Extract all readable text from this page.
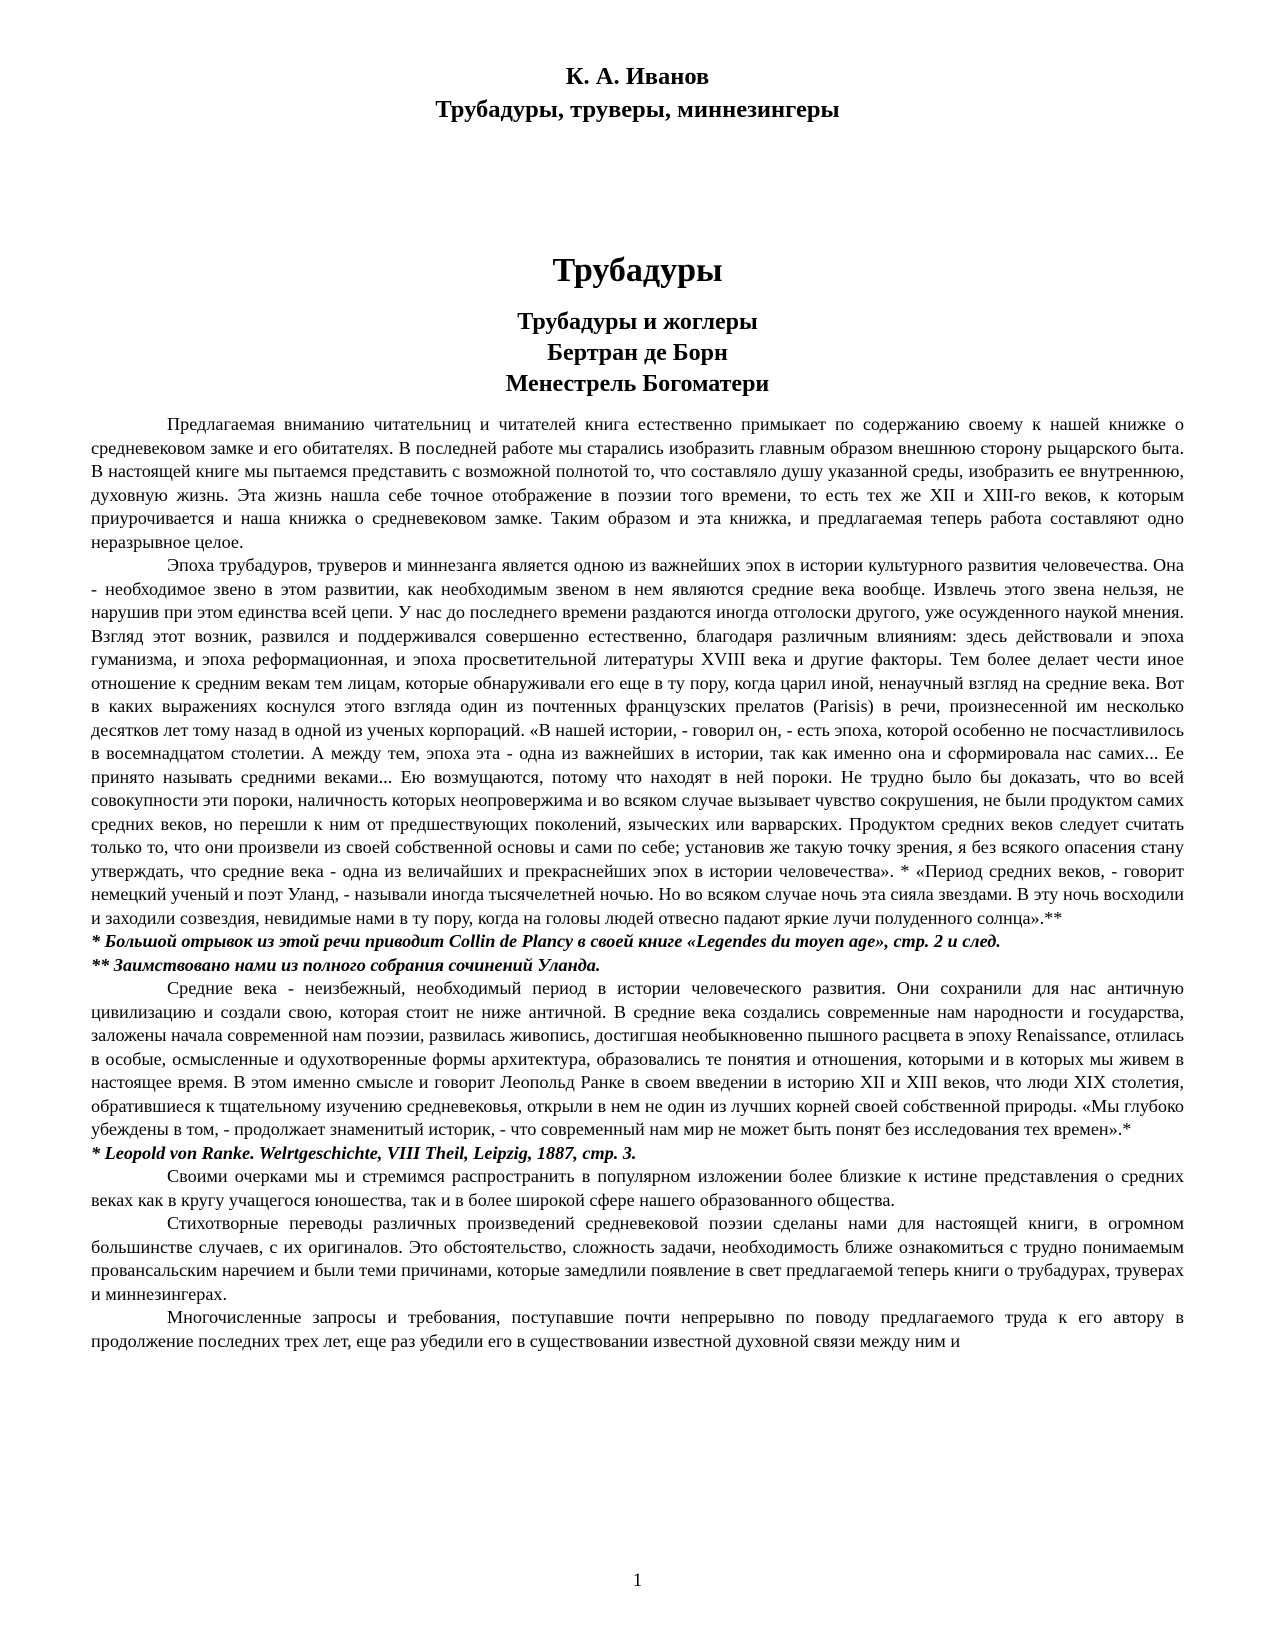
К. А. Иванов
Трубадуры, труверы, миннезингеры
Трубадуры
Трубадуры и жоглеры
Бертран де Борн
Менестрель Богоматери

Предлагаемая вниманию читательниц и читателей книга естественно примыкает по содержанию своему к нашей книжке о средневековом замке и его обитателях. В последней работе мы старались изобразить главным образом внешнюю сторону рыцарского быта. В настоящей книге мы пытаемся представить с возможной полнотой то, что составляло душу указанной среды, изобразить ее внутреннюю, духовную жизнь. Эта жизнь нашла себе точное отображение в поэзии того времени, то есть тех же XII и XIII-го веков, к которым приурочивается и наша книжка о средневековом замке. Таким образом и эта книжка, и предлагаемая теперь работа составляют одно неразрывное целое.

Эпоха трубадуров, труверов и миннезанга является одною из важнейших эпох в истории культурного развития человечества. Она - необходимое звено в этом развитии, как необходимым звеном в нем являются средние века вообще. Извлечь этого звена нельзя, не нарушив при этом единства всей цепи. У нас до последнего времени раздаются иногда отголоски другого, уже осужденного наукой мнения. Взгляд этот возник, развился и поддерживался совершенно естественно, благодаря различным влияниям: здесь действовали и эпоха гуманизма, и эпоха реформационная, и эпоха просветительной литературы XVIII века и другие факторы. Тем более делает чести иное отношение к средним векам тем лицам, которые обнаруживали его еще в ту пору, когда царил иной, ненаучный взгляд на средние века. Вот в каких выражениях коснулся этого взгляда один из почтенных французских прелатов (Parisis) в речи, произнесенной им несколько десятков лет тому назад в одной из ученых корпораций. «В нашей истории, - говорил он, - есть эпоха, которой особенно не посчастливилось в восемнадцатом столетии. А между тем, эпоха эта - одна из важнейших в истории, так как именно она и сформировала нас самих... Ее принято называть средними веками... Ею возмущаются, потому что находят в ней пороки. Не трудно было бы доказать, что во всей совокупности эти пороки, наличность которых неопровержима и во всяком случае вызывает чувство сокрушения, не были продуктом самих средних веков, но перешли к ним от предшествующих поколений, языческих или варварских. Продуктом средних веков следует считать только то, что они произвели из своей собственной основы и сами по себе; установив же такую точку зрения, я без всякого опасения стану утверждать, что средние века - одна из величайших и прекраснейших эпох в истории человечества». * «Период средних веков, - говорит немецкий ученый и поэт Уланд, - называли иногда тысячелетней ночью. Но во всяком случае ночь эта сияла звездами. В эту ночь восходили и заходили созвездия, невидимые нами в ту пору, когда на головы людей отвесно падают яркие лучи полуденного солнца».**

* Большой отрывок из этой речи приводит Collin de Plancy в своей книге «Legendes du moyen age», стр. 2 и след.

** Заимствовано нами из полного собрания сочинений Уланда.

Средние века - неизбежный, необходимый период в истории человеческого развития. Они сохранили для нас античную цивилизацию и создали свою, которая стоит не ниже античной. В средние века создались современные нам народности и государства, заложены начала современной нам поэзии, развилась живопись, достигшая необыкновенно пышного расцвета в эпоху Renaissance, отлилась в особые, осмысленные и одухотворенные формы архитектура, образовались те понятия и отношения, которыми и в которых мы живем в настоящее время. В этом именно смысле и говорит Леопольд Ранке в своем введении в историю XII и XIII веков, что люди XIX столетия, обратившиеся к тщательному изучению средневековья, открыли в нем не один из лучших корней своей собственной природы. «Мы глубоко убеждены в том, - продолжает знаменитый историк, - что современный нам мир не может быть понят без исследования тех времен».*

* Leopold von Ranke. Welrtgeschichte, VIII Theil, Leipzig, 1887, стр. 3.

Своими очерками мы и стремимся распространить в популярном изложении более близкие к истине представления о средних веках как в кругу учащегося юношества, так и в более широкой сфере нашего образованного общества.

Стихотворные переводы различных произведений средневековой поэзии сделаны нами для настоящей книги, в огромном большинстве случаев, с их оригиналов. Это обстоятельство, сложность задачи, необходимость ближе ознакомиться с трудно понимаемым провансальским наречием и были теми причинами, которые замедлили появление в свет предлагаемой теперь книги о трубадурах, труверах и миннезингерах.

Многочисленные запросы и требования, поступавшие почти непрерывно по поводу предлагаемого труда к его автору в продолжение последних трех лет, еще раз убедили его в существовании известной духовной связи между ним и

1
